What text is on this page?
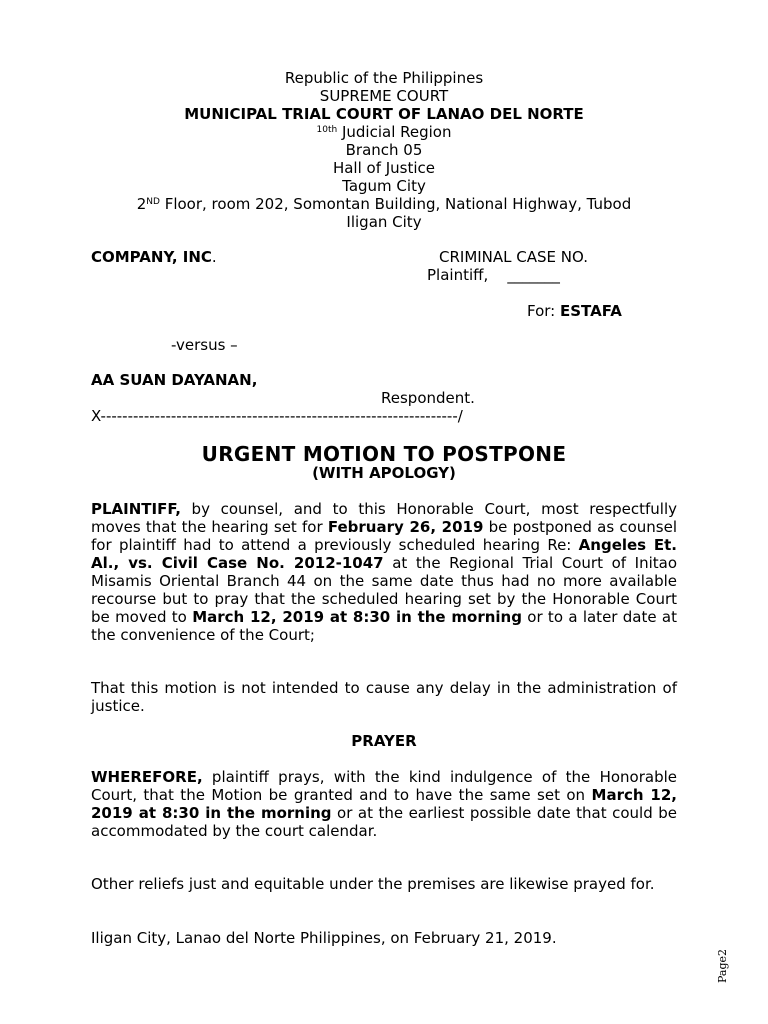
Republic of the Philippines
SUPREME COURT
MUNICIPAL TRIAL COURT OF LANAO DEL NORTE
$^{10th}$ Judicial Region
Branch 05
Hall of Justice
Tagum City
2ND Floor, room 202, Somontan Building, National Highway, Tubod
Iligan City
COMPANY, INC.	CRIMINAL CASE NO.
Plaintiff, _______
For: ESTAFA
-versus –
AA SUAN DAYANAN,
Respondent.
X------------------------------------------------------------------/
URGENT MOTION TO POSTPONE
(WITH APOLOGY)
PLAINTIFF, by counsel, and to this Honorable Court, most respectfully moves that the hearing set for February 26, 2019 be postponed as counsel for plaintiff had to attend a previously scheduled hearing Re: Angeles Et. Al., vs. Civil Case No. 2012-1047 at the Regional Trial Court of Initao Misamis Oriental Branch 44 on the same date thus had no more available recourse but to pray that the scheduled hearing set by the Honorable Court be moved to March 12, 2019 at 8:30 in the morning or to a later date at the convenience of the Court;
That this motion is not intended to cause any delay in the administration of justice.
PRAYER
WHEREFORE, plaintiff prays, with the kind indulgence of the Honorable Court, that the Motion be granted and to have the same set on March 12, 2019 at 8:30 in the morning or at the earliest possible date that could be accommodated by the court calendar.
Other reliefs just and equitable under the premises are likewise prayed for.
Iligan City, Lanao del Norte Philippines, on February 21, 2019.
Page2
